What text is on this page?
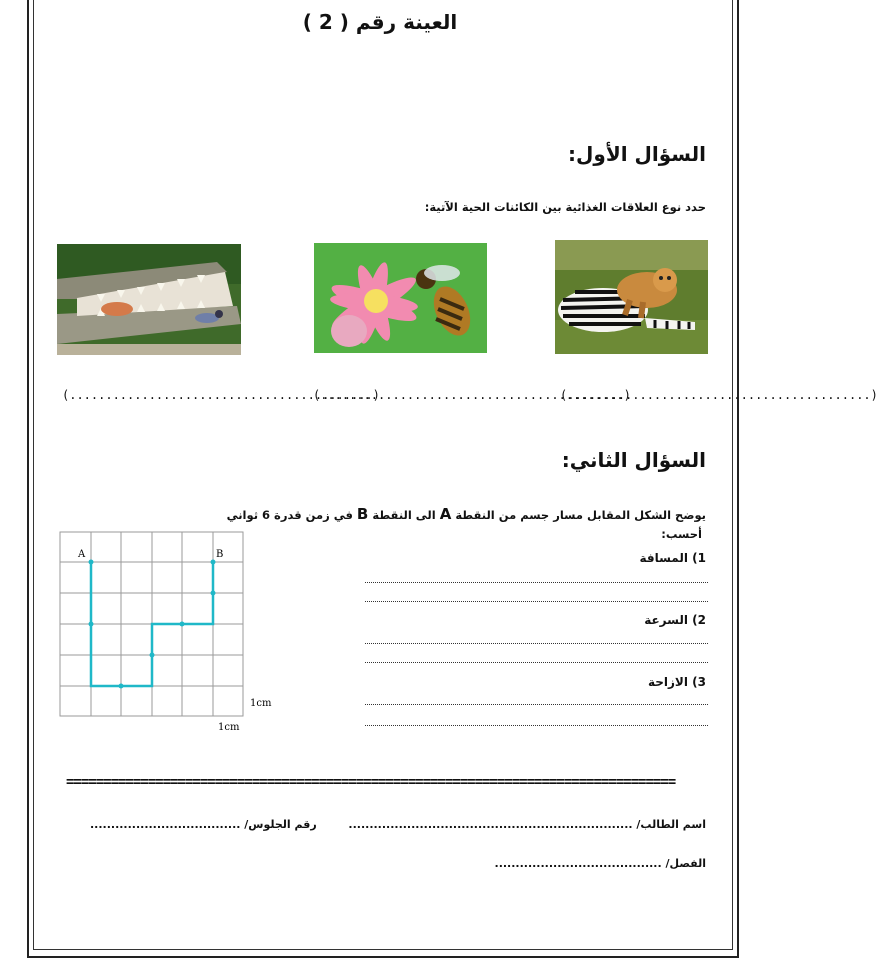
العينة رقم ( 2 )
السؤال الأول:
حدد نوع العلاقات الغذائية بين الكائنات الحية الآتية:
(..........................................)
(..........................................)
(..........................................)
السؤال الثاني:
يوضح الشكل المقابل مسار جسم من النقطة A الى النقطة B في زمن قدرة 6 ثواني
أحسب:
1) المسافة
2) السرعة
3) الازاحة
A	B
1cm
1cm
==================================================================================
اسم الطالب/ ....................................................................
رقم الجلوس/ ....................................
الفصل/ ........................................
